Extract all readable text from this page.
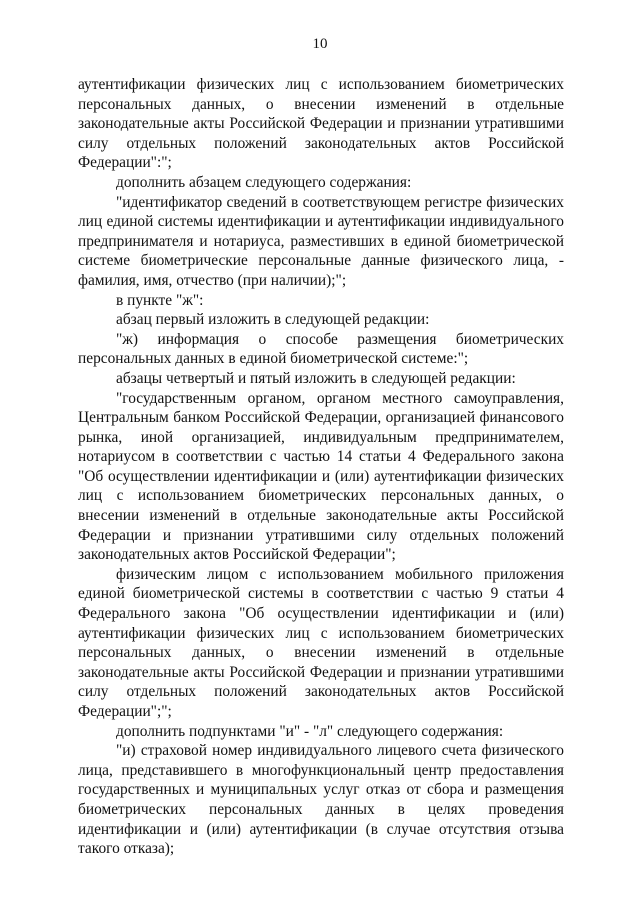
10

аутентификации физических лиц с использованием биометрических персональных данных, о внесении изменений в отдельные законодательные акты Российской Федерации и признании утратившими силу отдельных положений законодательных актов Российской Федерации":";

дополнить абзацем следующего содержания:

"идентификатор сведений в соответствующем регистре физических лиц единой системы идентификации и аутентификации индивидуального предпринимателя и нотариуса, разместивших в единой биометрической системе биометрические персональные данные физического лица, - фамилия, имя, отчество (при наличии);";

в пункте "ж":

абзац первый изложить в следующей редакции:

"ж) информация о способе размещения биометрических персональных данных в единой биометрической системе:";

абзацы четвертый и пятый изложить в следующей редакции:

"государственным органом, органом местного самоуправления, Центральным банком Российской Федерации, организацией финансового рынка, иной организацией, индивидуальным предпринимателем, нотариусом в соответствии с частью 14 статьи 4 Федерального закона "Об осуществлении идентификации и (или) аутентификации физических лиц с использованием биометрических персональных данных, о внесении изменений в отдельные законодательные акты Российской Федерации и признании утратившими силу отдельных положений законодательных актов Российской Федерации";

физическим лицом с использованием мобильного приложения единой биометрической системы в соответствии с частью 9 статьи 4 Федерального закона "Об осуществлении идентификации и (или) аутентификации физических лиц с использованием биометрических персональных данных, о внесении изменений в отдельные законодательные акты Российской Федерации и признании утратившими силу отдельных положений законодательных актов Российской Федерации";";

дополнить подпунктами "и" - "л" следующего содержания:

"и) страховой номер индивидуального лицевого счета физического лица, представившего в многофункциональный центр предоставления государственных и муниципальных услуг отказ от сбора и размещения биометрических персональных данных в целях проведения идентификации и (или) аутентификации (в случае отсутствия отзыва такого отказа);
